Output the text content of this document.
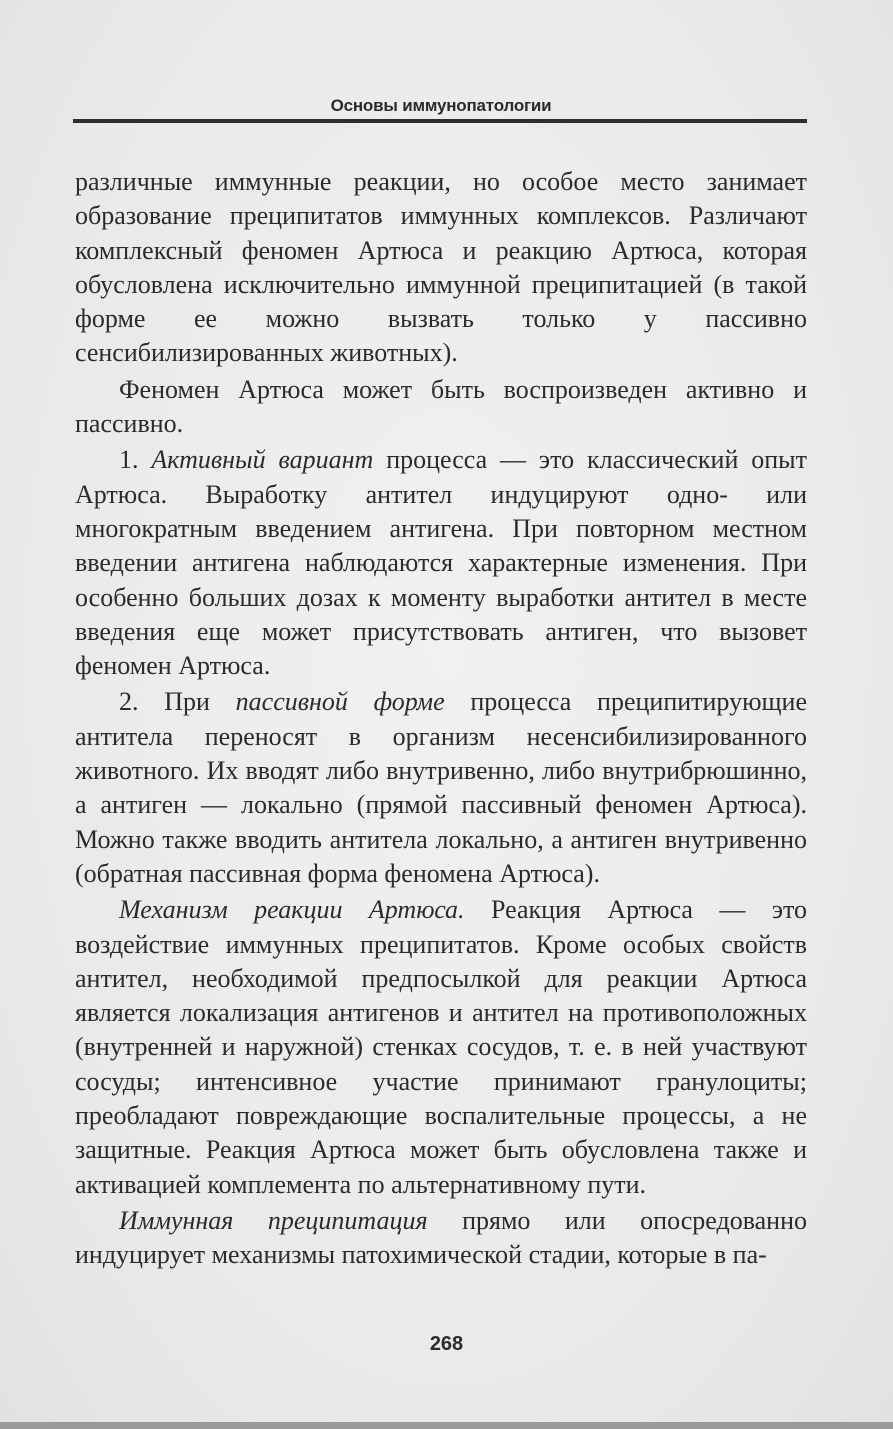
Основы иммунопатологии

различные иммунные реакции, но особое место занимает образование преципитатов иммунных комплексов. Различают комплексный феномен Артюса и реакцию Артюса, которая обусловлена исключительно иммунной преципитацией (в такой форме ее можно вызвать только у пассивно сенсибилизированных животных).

Феномен Артюса может быть воспроизведен активно и пассивно.

1. Активный вариант процесса — это классический опыт Артюса. Выработку антител индуцируют одно- или многократным введением антигена. При повторном местном введении антигена наблюдаются характерные изменения. При особенно больших дозах к моменту выработки антител в месте введения еще может присутствовать антиген, что вызовет феномен Артюса.

2. При пассивной форме процесса преципитирующие антитела переносят в организм несенсибилизированного животного. Их вводят либо внутривенно, либо внутрибрюшинно, а антиген — локально (прямой пассивный феномен Артюса). Можно также вводить антитела локально, а антиген внутривенно (обратная пассивная форма феномена Артюса).

Механизм реакции Артюса. Реакция Артюса — это воздействие иммунных преципитатов. Кроме особых свойств антител, необходимой предпосылкой для реакции Артюса является локализация антигенов и антител на противоположных (внутренней и наружной) стенках сосудов, т. е. в ней участвуют сосуды; интенсивное участие принимают гранулоциты; преобладают повреждающие воспалительные процессы, а не защитные. Реакция Артюса может быть обусловлена также и активацией комплемента по альтернативному пути.

Иммунная преципитация прямо или опосредованно индуцирует механизмы патохимической стадии, которые в па-

268
